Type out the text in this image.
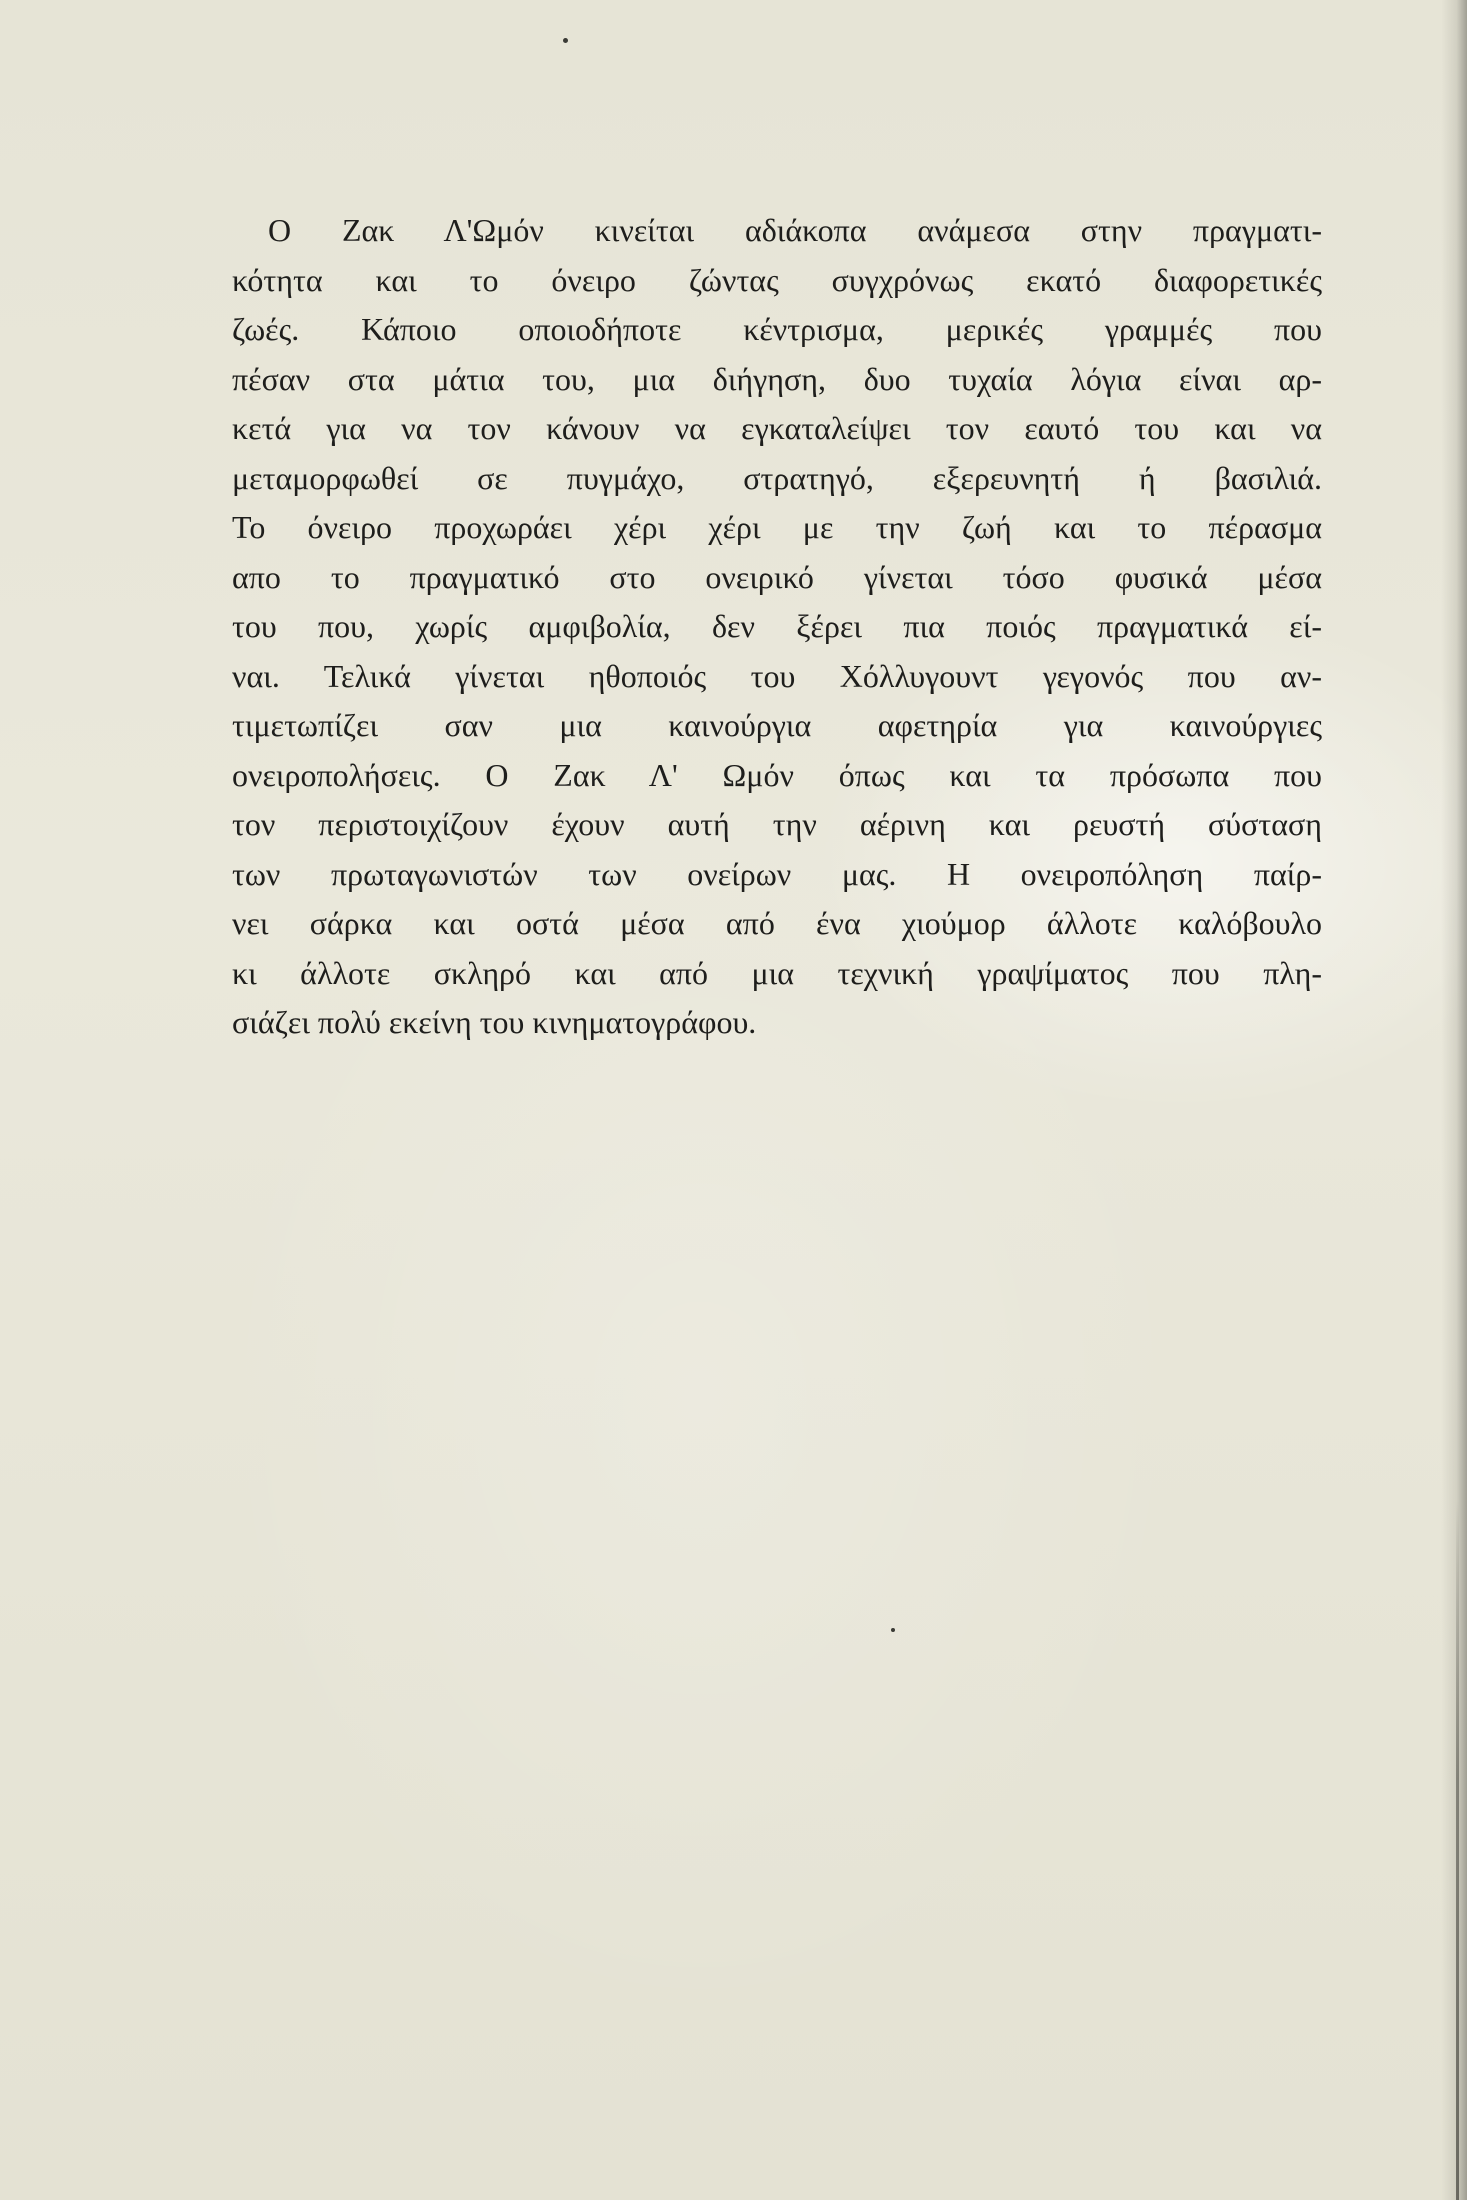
Ο Ζακ Λ'Ωμόν κινείται αδιάκοπα ανάμεσα στην πραγματι-
κότητα και το όνειρο ζώντας συγχρόνως εκατό διαφορετικές
ζωές. Κάποιο οποιοδήποτε κέντρισμα, μερικές γραμμές που
πέσαν στα μάτια του, μια διήγηση, δυο τυχαία λόγια είναι αρ-
κετά για να τον κάνουν να εγκαταλείψει τον εαυτό του και να
μεταμορφωθεί σε πυγμάχο, στρατηγό, εξερευνητή ή βασιλιά.
Το όνειρο προχωράει χέρι χέρι με την ζωή και το πέρασμα
απο το πραγματικό στο ονειρικό γίνεται τόσο φυσικά μέσα
του που, χωρίς αμφιβολία, δεν ξέρει πια ποιός πραγματικά εί-
ναι. Τελικά γίνεται ηθοποιός του Χόλλυγουντ γεγονός που αν-
τιμετωπίζει σαν μια καινούργια αφετηρία για καινούργιες
ονειροπολήσεις. Ο Ζακ Λ' Ωμόν όπως και τα πρόσωπα που
τον περιστοιχίζουν έχουν αυτή την αέρινη και ρευστή σύσταση
των πρωταγωνιστών των ονείρων μας. Η ονειροπόληση παίρ-
νει σάρκα και οστά μέσα από ένα χιούμορ άλλοτε καλόβουλο
κι άλλοτε σκληρό και από μια τεχνική γραψίματος που πλη-
σιάζει πολύ εκείνη του κινηματογράφου.
